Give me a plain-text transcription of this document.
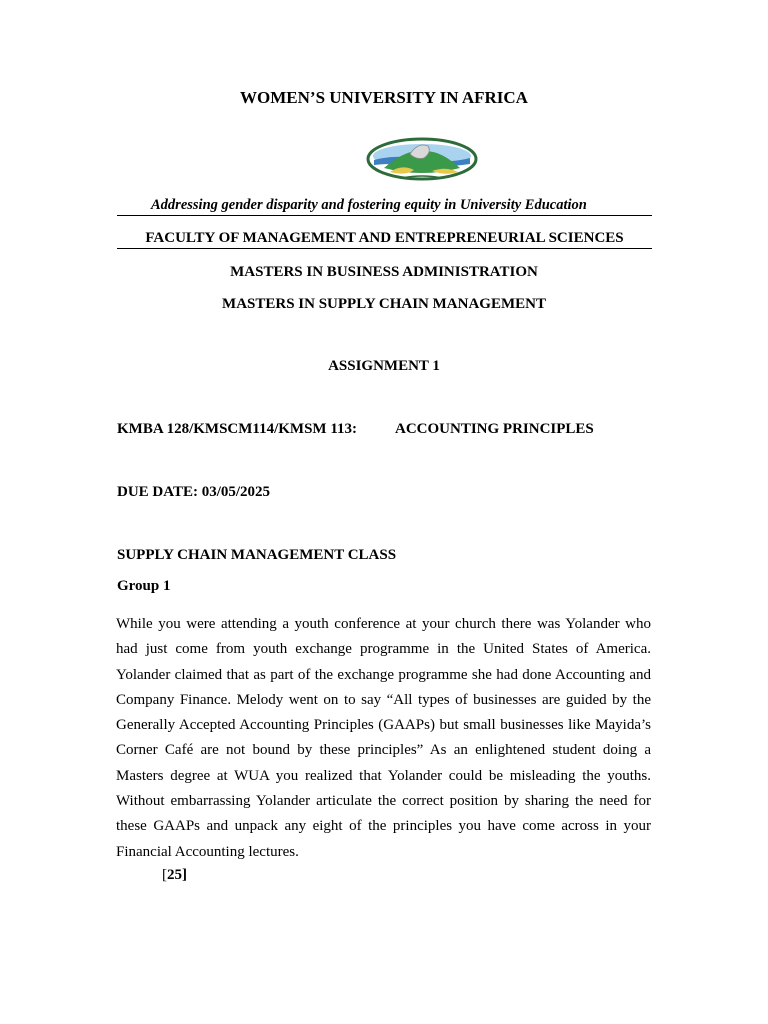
WOMEN’S UNIVERSITY IN AFRICA
Addressing gender disparity and fostering equity in University Education
FACULTY OF MANAGEMENT AND ENTREPRENEURIAL SCIENCES
MASTERS IN BUSINESS ADMINISTRATION
MASTERS IN SUPPLY CHAIN MANAGEMENT
ASSIGNMENT 1
KMBA 128/KMSCM114/KMSM 113:	ACCOUNTING PRINCIPLES
DUE DATE: 03/05/2025
SUPPLY CHAIN MANAGEMENT CLASS
Group 1

While you were attending a youth conference at your church there was Yolander who had just come from youth exchange programme in the United States of America. Yolander claimed that as part of the exchange programme she had done Accounting and Company Finance. Melody went on to say “All types of businesses are guided by the Generally Accepted Accounting Principles (GAAPs) but small businesses like Mayida’s Corner Café are not bound by these principles” As an enlightened student doing a Masters degree at WUA you realized that Yolander could be misleading the youths. Without embarrassing Yolander articulate the correct position by sharing the need for these GAAPs and unpack any eight of the principles you have come across in your Financial Accounting lectures.

[25]
